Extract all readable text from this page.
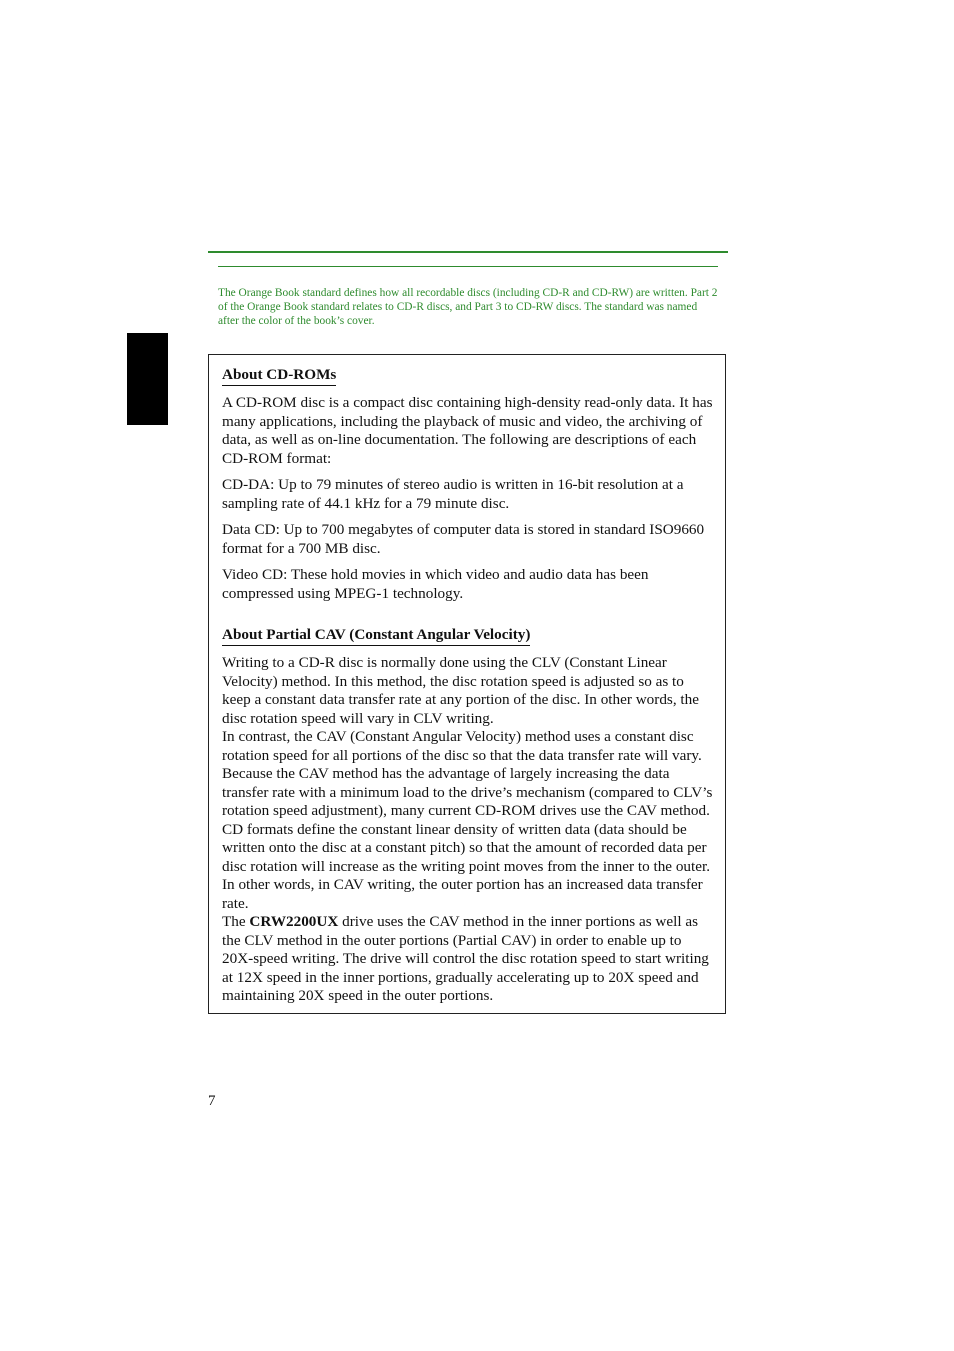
The Orange Book standard defines how all recordable discs (including CD-R and CD-RW) are written. Part 2 of the Orange Book standard relates to CD-R discs, and Part 3 to CD-RW discs. The standard was named after the color of the book’s cover.
About CD-ROMs

A CD-ROM disc is a compact disc containing high-density read-only data. It has many applications, including the playback of music and video, the archiving of data, as well as on-line documentation. The following are descriptions of each CD-ROM format:

CD-DA: Up to 79 minutes of stereo audio is written in 16-bit resolution at a sampling rate of 44.1 kHz for a 79 minute disc.

Data CD: Up to 700 megabytes of computer data is stored in standard ISO9660 format for a 700 MB disc.

Video CD: These hold movies in which video and audio data has been compressed using MPEG-1 technology.

About Partial CAV (Constant Angular Velocity)

Writing to a CD-R disc is normally done using the CLV (Constant Linear Velocity) method. In this method, the disc rotation speed is adjusted so as to keep a constant data transfer rate at any portion of the disc. In other words, the disc rotation speed will vary in CLV writing.

In contrast, the CAV (Constant Angular Velocity) method uses a constant disc rotation speed for all portions of the disc so that the data transfer rate will vary. Because the CAV method has the advantage of largely increasing the data transfer rate with a minimum load to the drive’s mechanism (compared to CLV’s rotation speed adjustment), many current CD-ROM drives use the CAV method. CD formats define the constant linear density of written data (data should be written onto the disc at a constant pitch) so that the amount of recorded data per disc rotation will increase as the writing point moves from the inner to the outer. In other words, in CAV writing, the outer portion has an increased data transfer rate.

The CRW2200UX drive uses the CAV method in the inner portions as well as the CLV method in the outer portions (Partial CAV) in order to enable up to 20X-speed writing. The drive will control the disc rotation speed to start writing at 12X speed in the inner portions, gradually accelerating up to 20X speed and maintaining 20X speed in the outer portions.

7
